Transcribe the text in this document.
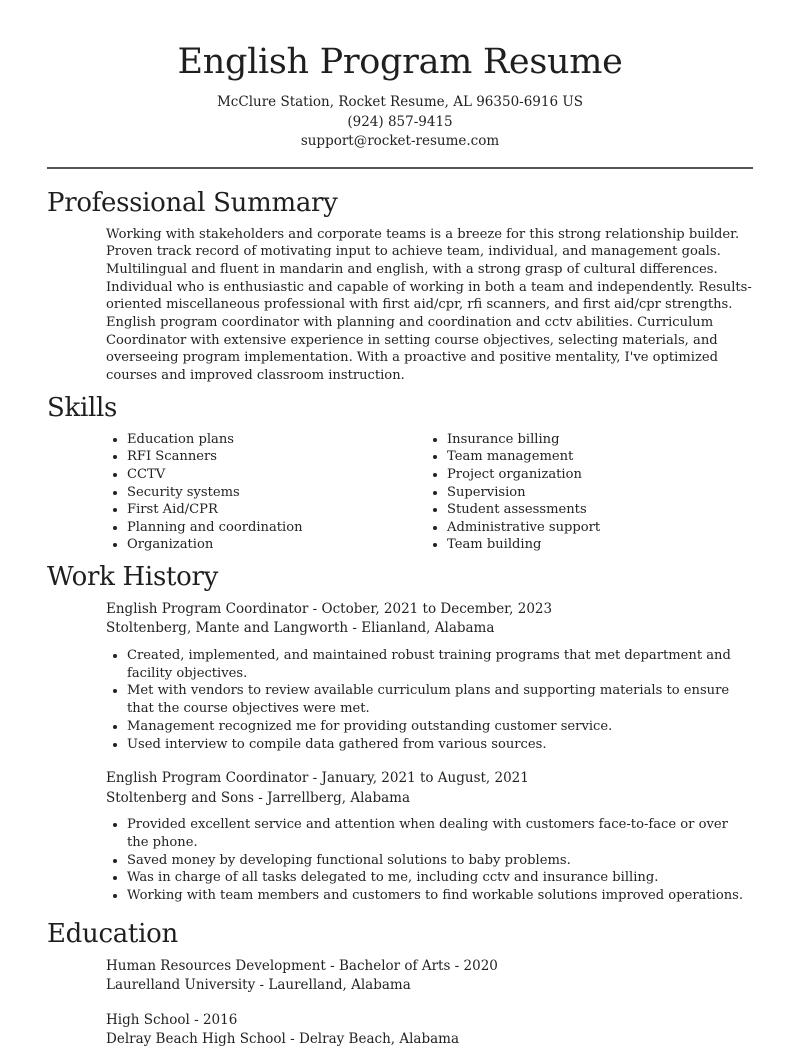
English Program Resume
McClure Station, Rocket Resume, AL 96350-6916 US
(924) 857-9415
support@rocket-resume.com
Professional Summary

Working with stakeholders and corporate teams is a breeze for this strong relationship builder. Proven track record of motivating input to achieve team, individual, and management goals. Multilingual and fluent in mandarin and english, with a strong grasp of cultural differences. Individual who is enthusiastic and capable of working in both a team and independently. Results-oriented miscellaneous professional with first aid/cpr, rfi scanners, and first aid/cpr strengths. English program coordinator with planning and coordination and cctv abilities. Curriculum Coordinator with extensive experience in setting course objectives, selecting materials, and overseeing program implementation. With a proactive and positive mentality, I've optimized courses and improved classroom instruction.

Skills
• Education plans
• RFI Scanners
• CCTV
• Security systems
• First Aid/CPR
• Planning and coordination
• Organization
• Insurance billing
• Team management
• Project organization
• Supervision
• Student assessments
• Administrative support
• Team building
Work History
English Program Coordinator - October, 2021 to December, 2023
Stoltenberg, Mante and Langworth - Elianland, Alabama
• Created, implemented, and maintained robust training programs that met department and facility objectives.
• Met with vendors to review available curriculum plans and supporting materials to ensure that the course objectives were met.
• Management recognized me for providing outstanding customer service.
• Used interview to compile data gathered from various sources.
English Program Coordinator - January, 2021 to August, 2021
Stoltenberg and Sons - Jarrellberg, Alabama
• Provided excellent service and attention when dealing with customers face-to-face or over the phone.
• Saved money by developing functional solutions to baby problems.
• Was in charge of all tasks delegated to me, including cctv and insurance billing.
• Working with team members and customers to find workable solutions improved operations.
Education
Human Resources Development - Bachelor of Arts - 2020
Laurelland University - Laurelland, Alabama
High School - 2016
Delray Beach High School - Delray Beach, Alabama
